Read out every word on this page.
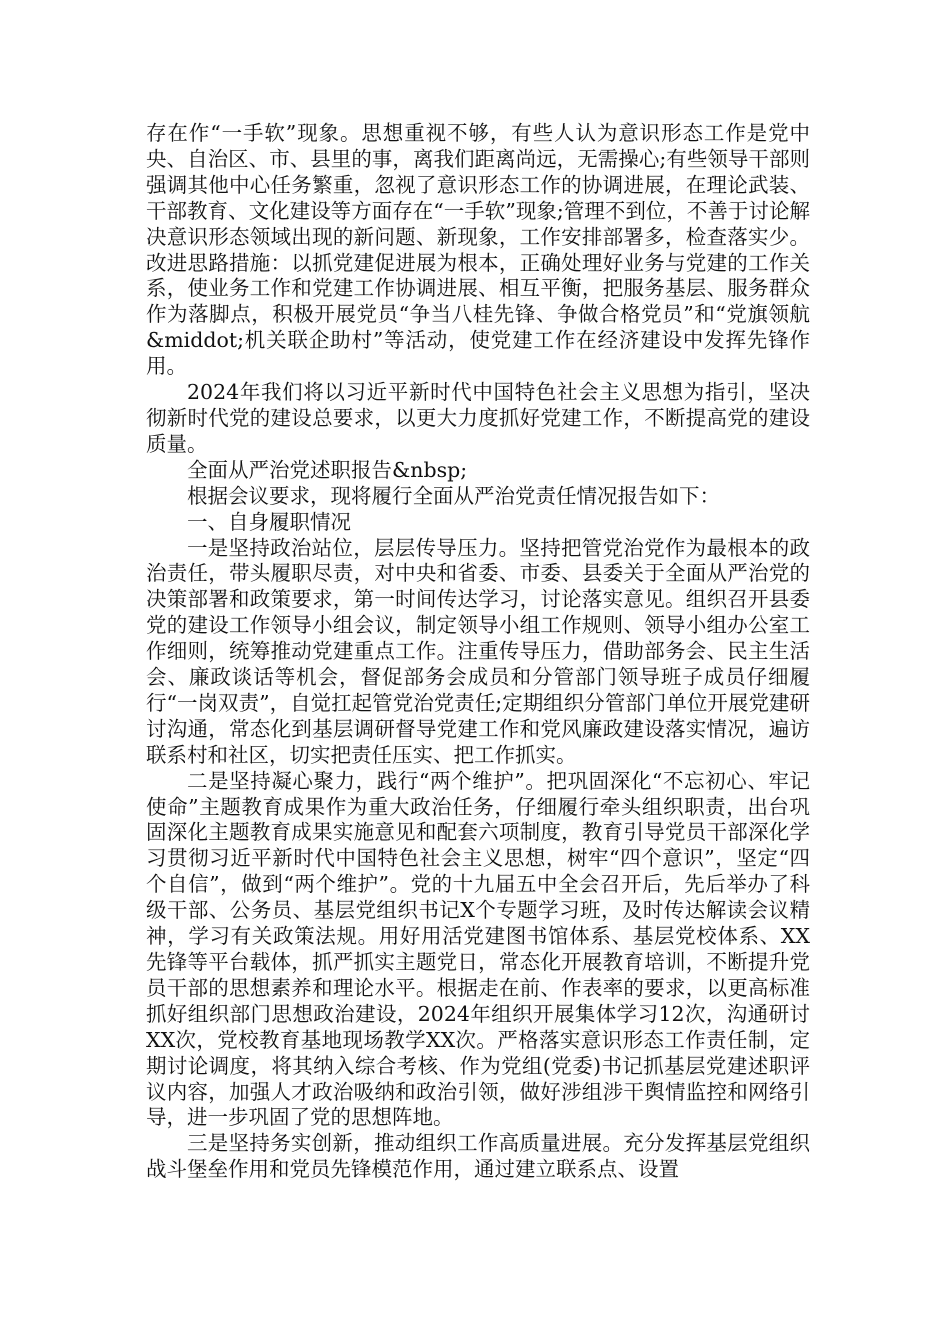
存在作“一手软”现象。思想重视不够，有些人认为意识形态工作是党中央、自治区、市、县里的事，离我们距离尚远，无需操心;有些领导干部则强调其他中心任务繁重，忽视了意识形态工作的协调进展，在理论武装、干部教育、文化建设等方面存在“一手软”现象;管理不到位，不善于讨论解决意识形态领域出现的新问题、新现象，工作安排部署多，检查落实少。改进思路措施：以抓党建促进展为根本，正确处理好业务与党建的工作关系，使业务工作和党建工作协调进展、相互平衡，把服务基层、服务群众作为落脚点，积极开展党员“争当八桂先锋、争做合格党员”和“党旗领航&middot;机关联企助村”等活动，使党建工作在经济建设中发挥先锋作用。

2024年我们将以习近平新时代中国特色社会主义思想为指引，坚决彻新时代党的建设总要求，以更大力度抓好党建工作，不断提高党的建设质量。

全面从严治党述职报告&nbsp;

根据会议要求，现将履行全面从严治党责任情况报告如下：

一、自身履职情况

一是坚持政治站位，层层传导压力。坚持把管党治党作为最根本的政治责任，带头履职尽责，对中央和省委、市委、县委关于全面从严治党的决策部署和政策要求，第一时间传达学习，讨论落实意见。组织召开县委党的建设工作领导小组会议，制定领导小组工作规则、领导小组办公室工作细则，统筹推动党建重点工作。注重传导压力，借助部务会、民主生活会、廉政谈话等机会，督促部务会成员和分管部门领导班子成员仔细履行“一岗双责”，自觉扛起管党治党责任;定期组织分管部门单位开展党建研讨沟通，常态化到基层调研督导党建工作和党风廉政建设落实情况，遍访联系村和社区，切实把责任压实、把工作抓实。

二是坚持凝心聚力，践行“两个维护”。把巩固深化“不忘初心、牢记使命”主题教育成果作为重大政治任务，仔细履行牵头组织职责，出台巩固深化主题教育成果实施意见和配套六项制度，教育引导党员干部深化学习贯彻习近平新时代中国特色社会主义思想，树牢“四个意识”，坚定“四个自信”，做到“两个维护”。党的十九届五中全会召开后，先后举办了科级干部、公务员、基层党组织书记X个专题学习班，及时传达解读会议精神，学习有关政策法规。用好用活党建图书馆体系、基层党校体系、XX先锋等平台载体，抓严抓实主题党日，常态化开展教育培训，不断提升党员干部的思想素养和理论水平。根据走在前、作表率的要求，以更高标准抓好组织部门思想政治建设，2024年组织开展集体学习12次，沟通研讨XX次，党校教育基地现场教学XX次。严格落实意识形态工作责任制，定期讨论调度，将其纳入综合考核、作为党组(党委)书记抓基层党建述职评议内容，加强人才政治吸纳和政治引领，做好涉组涉干舆情监控和网络引导，进一步巩固了党的思想阵地。

三是坚持务实创新，推动组织工作高质量进展。充分发挥基层党组织战斗堡垒作用和党员先锋模范作用，通过建立联系点、设置
